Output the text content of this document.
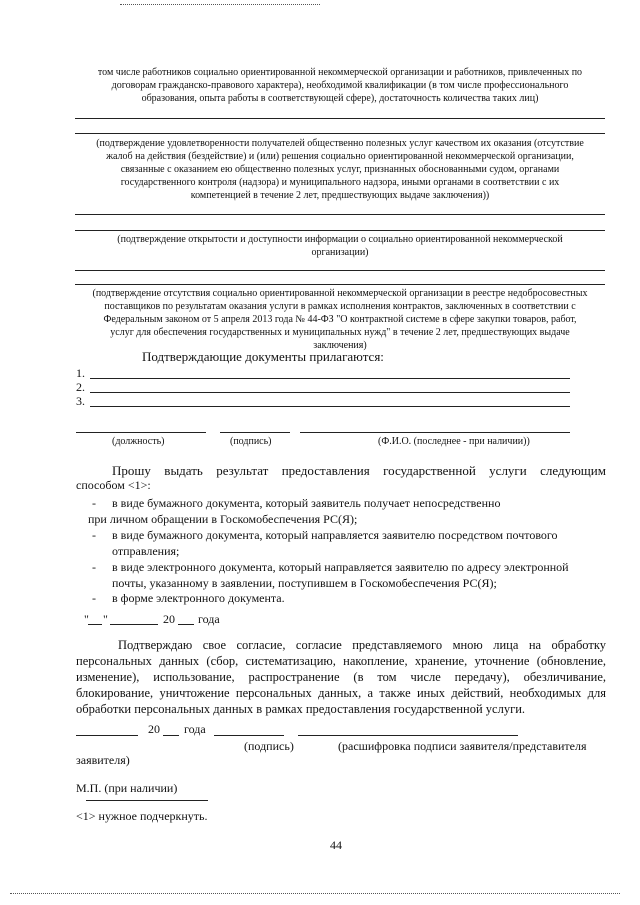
том числе работников социально ориентированной некоммерческой организации и работников, привлеченных по
договорам гражданско-правового характера), необходимой квалификации (в том числе профессионального
образования, опыта работы в соответствующей сфере), достаточность количества таких лиц)
(подтверждение удовлетворенности получателей общественно полезных услуг качеством их оказания (отсутствие
жалоб на действия (бездействие) и (или) решения социально ориентированной некоммерческой организации,
связанные с оказанием ею общественно полезных услуг, признанных обоснованными судом, органами
государственного контроля (надзора) и муниципального надзора, иными органами в соответствии с их
компетенцией в течение 2 лет, предшествующих выдаче заключения))
(подтверждение открытости и доступности информации о социально ориентированной некоммерческой
организации)
(подтверждение отсутствия социально ориентированной некоммерческой организации в реестре недобросовестных
поставщиков по результатам оказания услуги в рамках исполнения контрактов, заключенных в соответствии с
Федеральным законом от 5 апреля 2013 года № 44-ФЗ "О контрактной системе в сфере закупки товаров, работ,
услуг для обеспечения государственных и муниципальных нужд" в течение 2 лет, предшествующих выдаче
заключения)
Подтверждающие документы прилагаются:
1.
2.
3.
(должность)	(подпись)	(Ф.И.О. (последнее - при наличии))
Прошу выдать результат предоставления государственной услуги следующим
способом <1>:
- в виде бумажного документа, который заявитель получает непосредственно
при личном обращении в Госкомобеспечения РС(Я);
- в виде бумажного документа, который направляется заявителю посредством почтового
отправления;
- в виде электронного документа, который направляется заявителю по адресу электронной
почты, указанному в заявлении, поступившем в Госкомобеспечения РС(Я);
- в форме электронного документа.
" "	20 года
Подтверждаю свое согласие, согласие представляемого мною лица на обработку
персональных данных (сбор, систематизацию, накопление, хранение, уточнение (обновление,
изменение), использование, распространение (в том числе передачу), обезличивание,
блокирование, уничтожение персональных данных, а также иных действий, необходимых для
обработки персональных данных в рамках предоставления государственной услуги.
20 года
(подпись)	(расшифровка подписи заявителя/представителя
заявителя)
М.П. (при наличии)
<1> нужное подчеркнуть.
44
